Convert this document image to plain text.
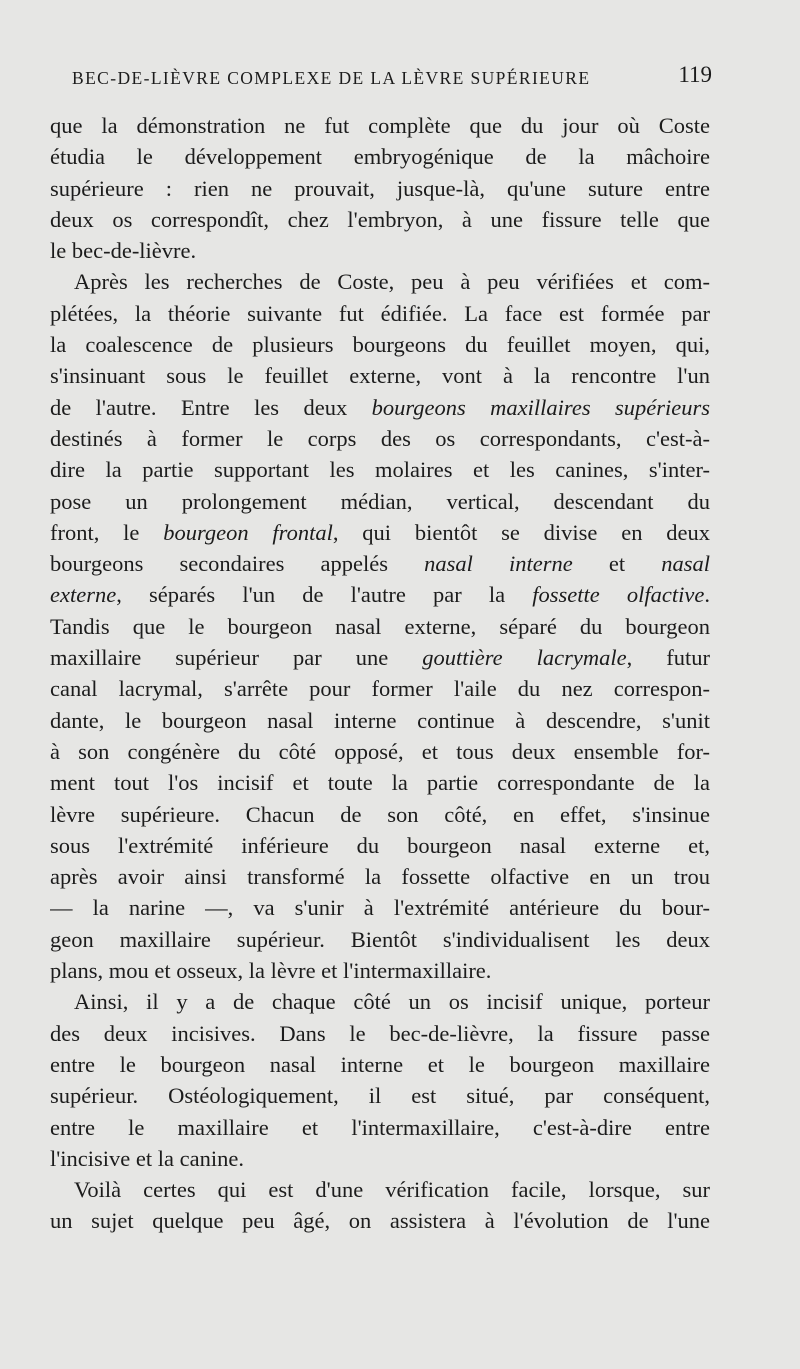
BEC-DE-LIÈVRE COMPLEXE DE LA LÈVRE SUPÉRIEURE	119
que la démonstration ne fut complète que du jour où Coste
étudia le développement embryogénique de la mâchoire
supérieure : rien ne prouvait, jusque-là, qu'une suture entre
deux os correspondît, chez l'embryon, à une fissure telle que
le bec-de-lièvre.
Après les recherches de Coste, peu à peu vérifiées et com-
plétées, la théorie suivante fut édifiée. La face est formée par
la coalescence de plusieurs bourgeons du feuillet moyen, qui,
s'insinuant sous le feuillet externe, vont à la rencontre l'un
de l'autre. Entre les deux bourgeons maxillaires supérieurs
destinés à former le corps des os correspondants, c'est-à-
dire la partie supportant les molaires et les canines, s'inter-
pose un prolongement médian, vertical, descendant du
front, le bourgeon frontal, qui bientôt se divise en deux
bourgeons secondaires appelés nasal interne et nasal
externe, séparés l'un de l'autre par la fossette olfactive.
Tandis que le bourgeon nasal externe, séparé du bourgeon
maxillaire supérieur par une gouttière lacrymale, futur
canal lacrymal, s'arrête pour former l'aile du nez correspon-
dante, le bourgeon nasal interne continue à descendre, s'unit
à son congénère du côté opposé, et tous deux ensemble for-
ment tout l'os incisif et toute la partie correspondante de la
lèvre supérieure. Chacun de son côté, en effet, s'insinue
sous l'extrémité inférieure du bourgeon nasal externe et,
après avoir ainsi transformé la fossette olfactive en un trou
— la narine —, va s'unir à l'extrémité antérieure du bour-
geon maxillaire supérieur. Bientôt s'individualisent les deux
plans, mou et osseux, la lèvre et l'intermaxillaire.
Ainsi, il y a de chaque côté un os incisif unique, porteur
des deux incisives. Dans le bec-de-lièvre, la fissure passe
entre le bourgeon nasal interne et le bourgeon maxillaire
supérieur. Ostéologiquement, il est situé, par conséquent,
entre le maxillaire et l'intermaxillaire, c'est-à-dire entre
l'incisive et la canine.
Voilà certes qui est d'une vérification facile, lorsque, sur
un sujet quelque peu âgé, on assistera à l'évolution de l'une
